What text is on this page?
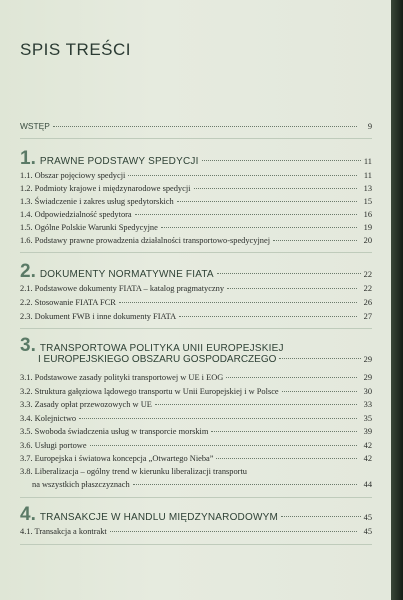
SPIS TREŚCI
WSTĘP	9
1. PRAWNE PODSTAWY SPEDYCJI	11
1.1. Obszar pojęciowy spedycji	11
1.2. Podmioty krajowe i międzynarodowe spedycji	13
1.3. Świadczenie i zakres usług spedytorskich	15
1.4. Odpowiedzialność spedytora	16
1.5. Ogólne Polskie Warunki Spedycyjne	19
1.6. Podstawy prawne prowadzenia działalności transportowo-spedycyjnej	20
2. DOKUMENTY NORMATYWNE FIATA	22
2.1. Podstawowe dokumenty FIATA – katalog pragmatyczny	22
2.2. Stosowanie FIATA FCR	26
2.3. Dokument FWB i inne dokumenty FIATA	27
3. TRANSPORTOWA POLITYKA UNII EUROPEJSKIEJ
I EUROPEJSKIEGO OBSZARU GOSPODARCZEGO	29
3.1. Podstawowe zasady polityki transportowej w UE i EOG	29
3.2. Struktura gałęziowa lądowego transportu w Unii Europejskiej i w Polsce	30
3.3. Zasady opłat przewozowych w UE	33
3.4. Kolejnictwo	35
3.5. Swoboda świadczenia usług w transporcie morskim	39
3.6. Usługi portowe	42
3.7. Europejska i światowa koncepcja „Otwartego Nieba”	42
3.8. Liberalizacja – ogólny trend w kierunku liberalizacji transportu
na wszystkich płaszczyznach	44
4. TRANSAKCJE W HANDLU MIĘDZYNARODOWYM	45
4.1. Transakcja a kontrakt	45
